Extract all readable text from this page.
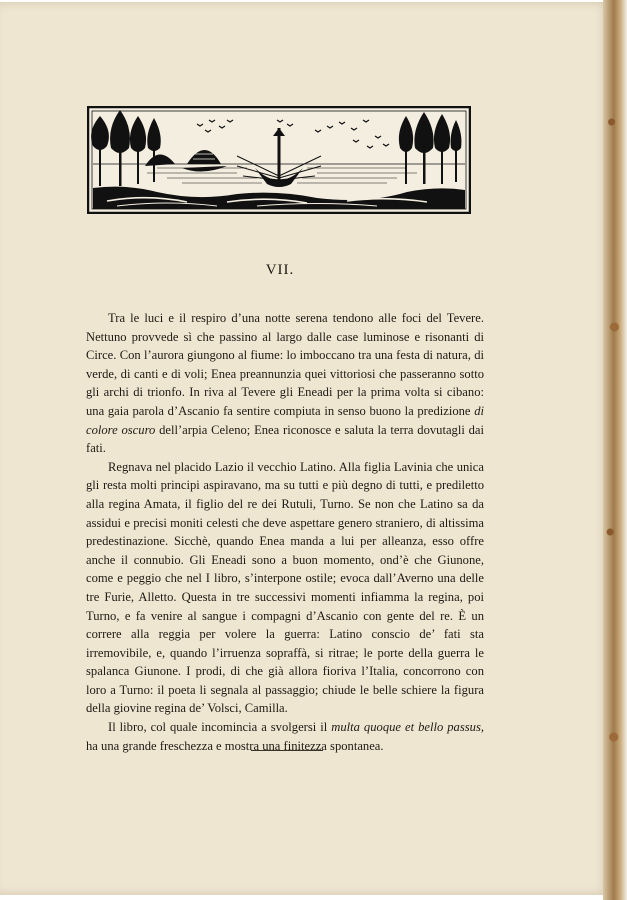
VII.

Tra le luci e il respiro d’una notte serena tendono alle foci del Tevere. Nettuno provvede sì che passino al largo dalle case luminose e risonanti di Circe. Con l’aurora giungono al fiume: lo imboccano tra una festa di natura, di verde, di canti e di voli; Enea preannunzia quei vittoriosi che passeranno sotto gli archi di trionfo. In riva al Tevere gli Eneadi per la prima volta si cibano: una gaia parola d’Ascanio fa sentire compiuta in senso buono la predizione di colore oscuro dell’arpia Celeno; Enea riconosce e saluta la terra dovutagli dai fati.

Regnava nel placido Lazio il vecchio Latino. Alla figlia Lavinia che unica gli resta molti principi aspiravano, ma su tutti e più degno di tutti, e prediletto alla regina Amata, il figlio del re dei Rutuli, Turno. Se non che Latino sa da assidui e precisi moniti celesti che deve aspettare genero straniero, di altissima predestinazione. Sicchè, quando Enea manda a lui per alleanza, esso offre anche il connubio. Gli Eneadi sono a buon momento, ond’è che Giunone, come e peggio che nel I libro, s’interpone ostile; evoca dall’Averno una delle tre Furie, Alletto. Questa in tre successivi momenti infiamma la regina, poi Turno, e fa venire al sangue i compagni d’Ascanio con gente del re. È un correre alla reggia per volere la guerra: Latino conscio de’ fati sta irremovibile, e, quando l’irruenza sopraffà, si ritrae; le porte della guerra le spalanca Giunone. I prodi, di che già allora fioriva l’Italia, concorrono con loro a Turno: il poeta li segnala al passaggio; chiude le belle schiere la figura della giovine regina de’ Volsci, Camilla.

Il libro, col quale incomincia a svolgersi il multa quoque et bello passus, ha una grande freschezza e mostra una finitezza spontanea.
